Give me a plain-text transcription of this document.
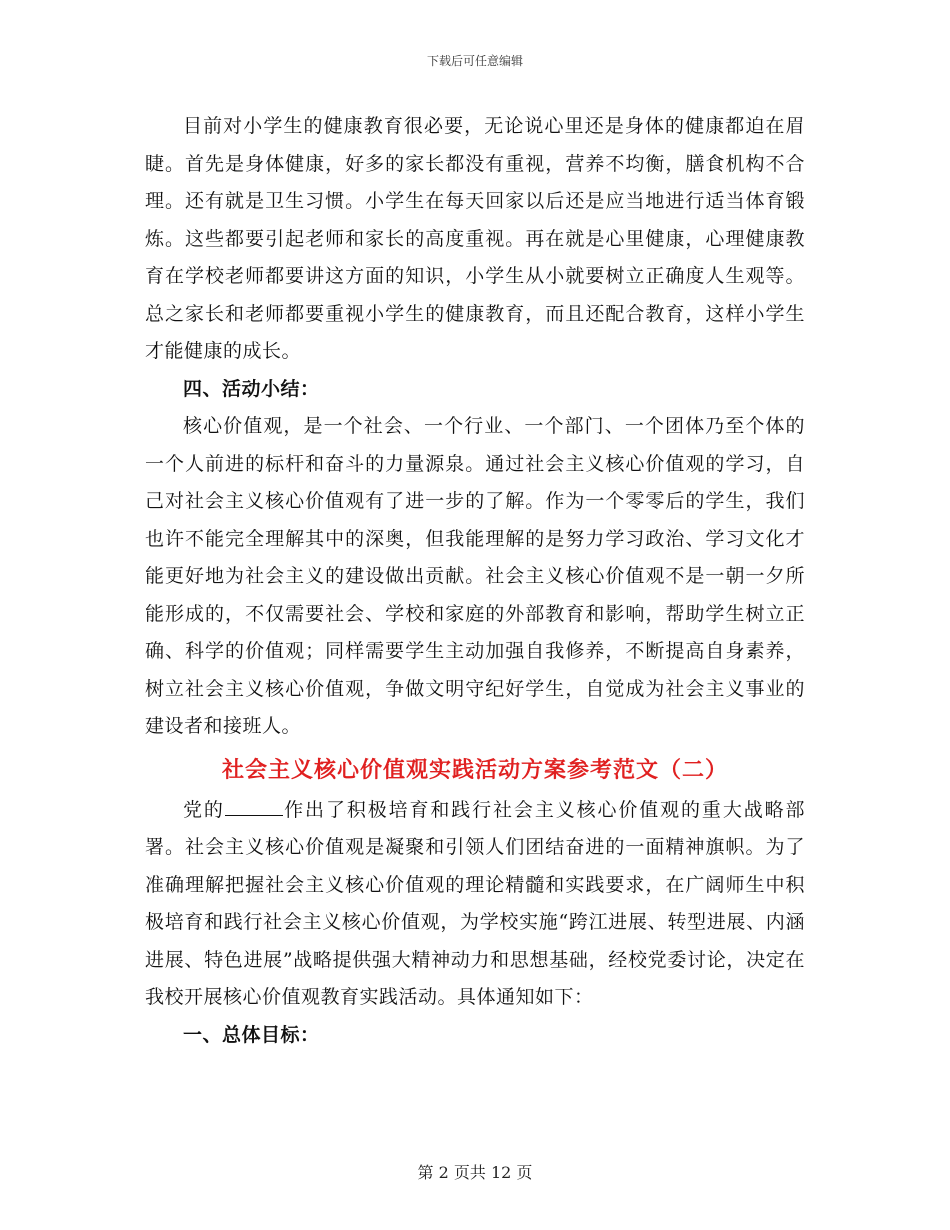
下载后可任意编辑

目前对小学生的健康教育很必要，无论说心里还是身体的健康都迫在眉睫。首先是身体健康，好多的家长都没有重视，营养不均衡，膳食机构不合理。还有就是卫生习惯。小学生在每天回家以后还是应当地进行适当体育锻炼。这些都要引起老师和家长的高度重视。再在就是心里健康，心理健康教育在学校老师都要讲这方面的知识，小学生从小就要树立正确度人生观等。总之家长和老师都要重视小学生的健康教育，而且还配合教育，这样小学生才能健康的成长。

四、活动小结：

核心价值观，是一个社会、一个行业、一个部门、一个团体乃至个体的一个人前进的标杆和奋斗的力量源泉。通过社会主义核心价值观的学习，自己对社会主义核心价值观有了进一步的了解。作为一个零零后的学生，我们也许不能完全理解其中的深奥，但我能理解的是努力学习政治、学习文化才能更好地为社会主义的建设做出贡献。社会主义核心价值观不是一朝一夕所能形成的，不仅需要社会、学校和家庭的外部教育和影响，帮助学生树立正确、科学的价值观；同样需要学生主动加强自我修养，不断提高自身素养，树立社会主义核心价值观，争做文明守纪好学生，自觉成为社会主义事业的建设者和接班人。

社会主义核心价值观实践活动方案参考范文（二）

党的	作出了积极培育和践行社会主义核心价值观的重大战略部署。社会主义核心价值观是凝聚和引领人们团结奋进的一面精神旗帜。为了准确理解把握社会主义核心价值观的理论精髓和实践要求，在广阔师生中积极培育和践行社会主义核心价值观，为学校实施“跨江进展、转型进展、内涵进展、特色进展”战略提供强大精神动力和思想基础，经校党委讨论，决定在我校开展核心价值观教育实践活动。具体通知如下：

一、总体目标：

第 2 页共 12 页
